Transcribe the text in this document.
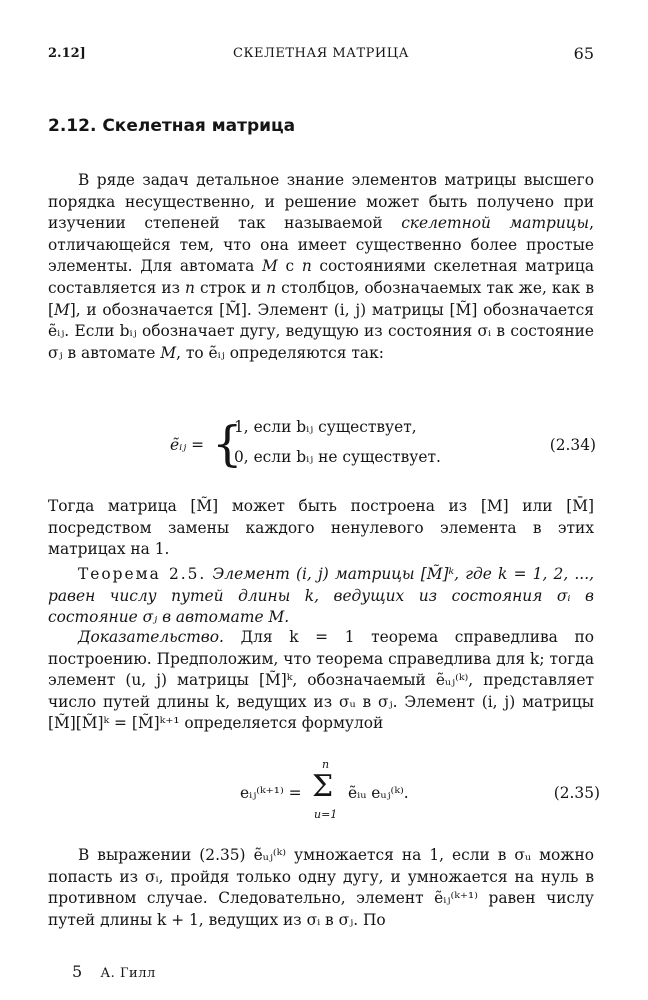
2.12]	СКЕЛЕТНАЯ МАТРИЦА	65
2.12. Скелетная матрица

В ряде задач детальное знание элементов матрицы высшего порядка несущественно, и решение может быть получено при изучении степеней так называемой скелетной матрицы, отличающейся тем, что она имеет существенно более простые элементы. Для автомата M с n состояниями скелетная матрица составляется из n строк и n столбцов, обозначаемых так же, как в [M], и обозначается [M̃]. Элемент (i, j) матрицы [M̃] обозначается ẽᵢⱼ. Если bᵢⱼ обозначает дугу, ведущую из состояния σᵢ в состояние σⱼ в автомате M, то ẽᵢⱼ определяются так:

ẽᵢⱼ = {
1, если bᵢⱼ существует,
0, если bᵢⱼ не существует.
(2.34)

Тогда матрица [M̃] может быть построена из [M] или [M̄] посредством замены каждого ненулевого элемента в этих матрицах на 1.

Теорема 2.5. Элемент (i, j) матрицы [M̃]ᵏ, где k = 1, 2, ..., равен числу путей длины k, ведущих из состояния σᵢ в состояние σⱼ в автомате M.

Доказательство. Для k = 1 теорема справедлива по построению. Предположим, что теорема справедлива для k; тогда элемент (u, j) матрицы [M̃]ᵏ, обозначаемый ẽᵤⱼ⁽ᵏ⁾, представляет число путей длины k, ведущих из σᵤ в σⱼ. Элемент (i, j) матрицы [M̃][M̃]ᵏ = [M̃]ᵏ⁺¹ определяется формулой

eᵢⱼ⁽ᵏ⁺¹⁾ =
n
Σ
u=1
ẽᵢᵤ eᵤⱼ⁽ᵏ⁾.	(2.35)

В выражении (2.35) ẽᵤⱼ⁽ᵏ⁾ умножается на 1, если в σᵤ можно попасть из σᵢ, пройдя только одну дугу, и умножается на нуль в противном случае. Следовательно, элемент ẽᵢⱼ⁽ᵏ⁺¹⁾ равен числу путей длины k + 1, ведущих из σᵢ в σⱼ. По

5 А. Гилл
